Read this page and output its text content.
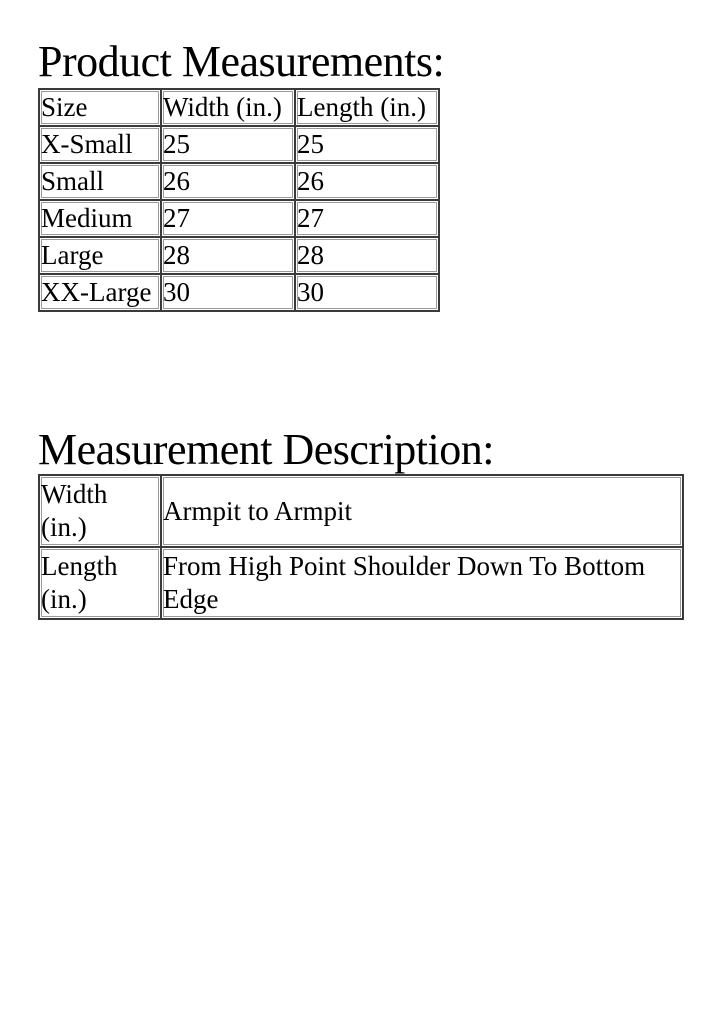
Product Measurements:
Size	Width (in.)	Length (in.)
X-Small	25	25
Small	26	26
Medium	27	27
Large	28	28
XX-Large	30	30
Measurement Description:
Width (in.)	Armpit to Armpit
Length (in.)	From High Point Shoulder Down To Bottom Edge
